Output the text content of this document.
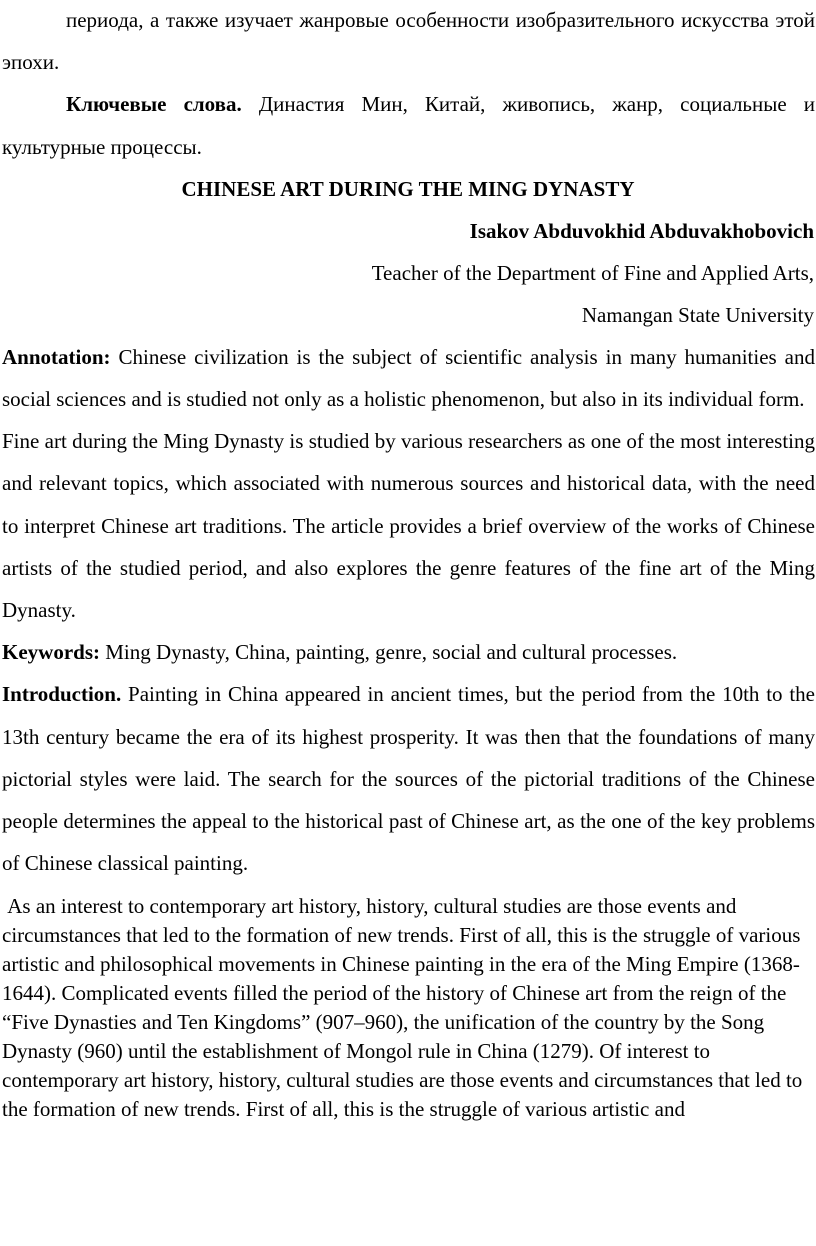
периода, а также изучает жанровые особенности изобразительного искусства этой эпохи.

Ключевые слова. Династия Мин, Китай, живопись, жанр, социальные и культурные процессы.

CHINESE ART DURING THE MING DYNASTY

Isakov Abduvokhid Abduvakhobovich

Teacher of the Department of Fine and Applied Arts,

Namangan State University

Annotation: Chinese civilization is the subject of scientific analysis in many humanities and social sciences and is studied not only as a holistic phenomenon, but also in its individual form.

Fine art during the Ming Dynasty is studied by various researchers as one of the most interesting and relevant topics, which associated with numerous sources and historical data, with the need to interpret Chinese art traditions. The article provides a brief overview of the works of Chinese artists of the studied period, and also explores the genre features of the fine art of the Ming Dynasty.

Keywords: Ming Dynasty, China, painting, genre, social and cultural processes.

Introduction. Painting in China appeared in ancient times, but the period from the 10th to the 13th century became the era of its highest prosperity. It was then that the foundations of many pictorial styles were laid. The search for the sources of the pictorial traditions of the Chinese people determines the appeal to the historical past of Chinese art, as the one of the key problems of Chinese classical painting.

As an interest to contemporary art history, history, cultural studies are those events and circumstances that led to the formation of new trends. First of all, this is the struggle of various artistic and philosophical movements in Chinese painting in the era of the Ming Empire (1368-1644). Complicated events filled the period of the history of Chinese art from the reign of the “Five Dynasties and Ten Kingdoms” (907–960), the unification of the country by the Song Dynasty (960) until the establishment of Mongol rule in China (1279). Of interest to contemporary art history, history, cultural studies are those events and circumstances that led to the formation of new trends. First of all, this is the struggle of various artistic and
